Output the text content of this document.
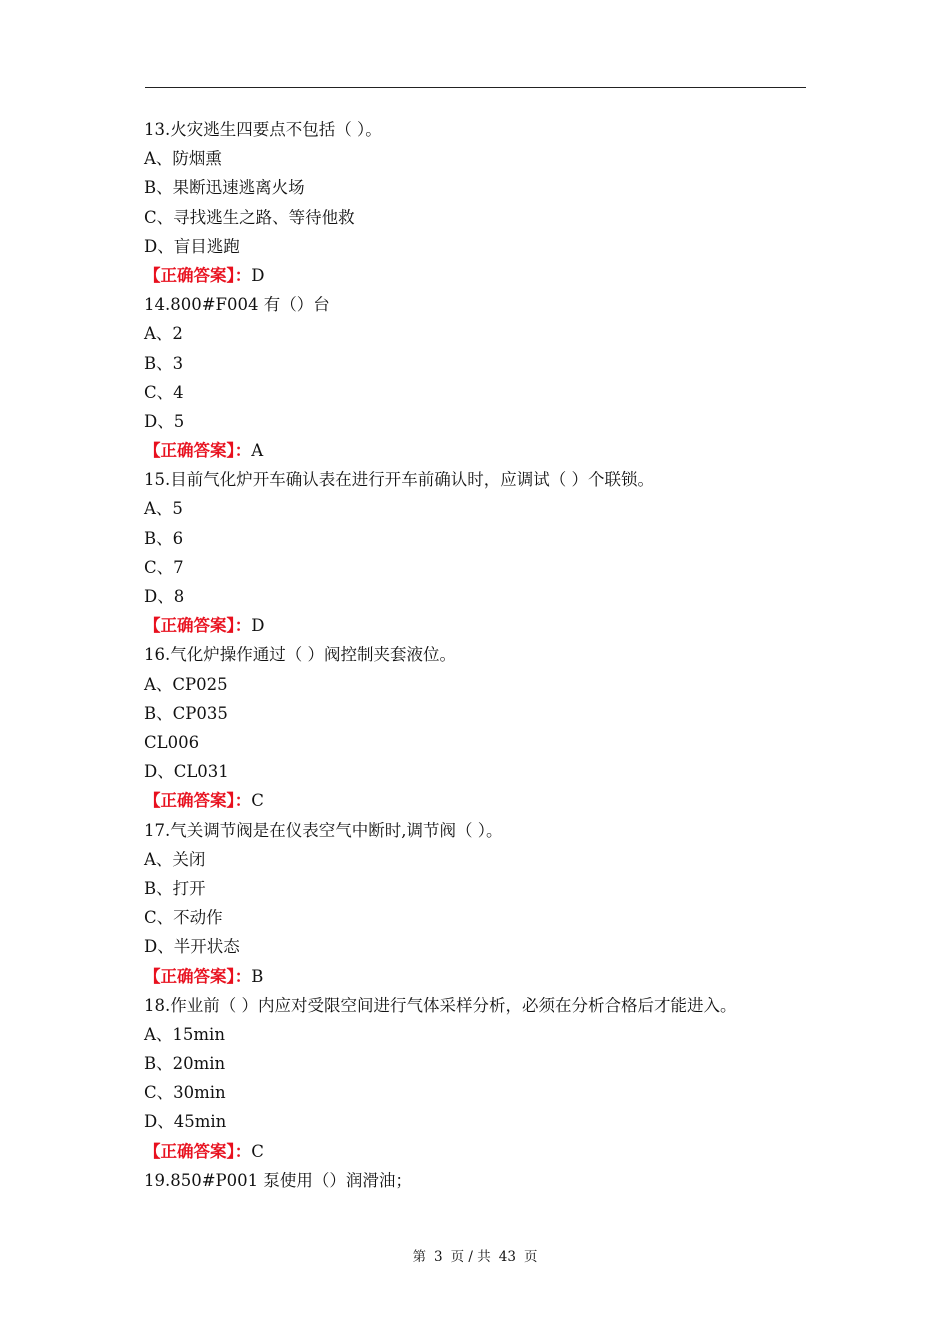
13.火灾逃生四要点不包括（ ）。
A、防烟熏
B、果断迅速逃离火场
C、寻找逃生之路、等待他救
D、盲目逃跑
【正确答案】：D
14.800#F004 有（）台
A、2
B、3
C、4
D、5
【正确答案】：A
15.目前气化炉开车确认表在进行开车前确认时，应调试（ ）个联锁。
A、5
B、6
C、7
D、8
【正确答案】：D
16.气化炉操作通过（ ）阀控制夹套液位。
A、CP025
B、CP035
CL006
D、CL031
【正确答案】：C
17.气关调节阀是在仪表空气中断时,调节阀（ ）。
A、关闭
B、打开
C、不动作
D、半开状态
【正确答案】：B
18.作业前（ ）内应对受限空间进行气体采样分析，必须在分析合格后才能进入。
A、15min
B、20min
C、30min
D、45min
【正确答案】：C
19.850#P001 泵使用（）润滑油；
第 3 页 / 共 43 页
